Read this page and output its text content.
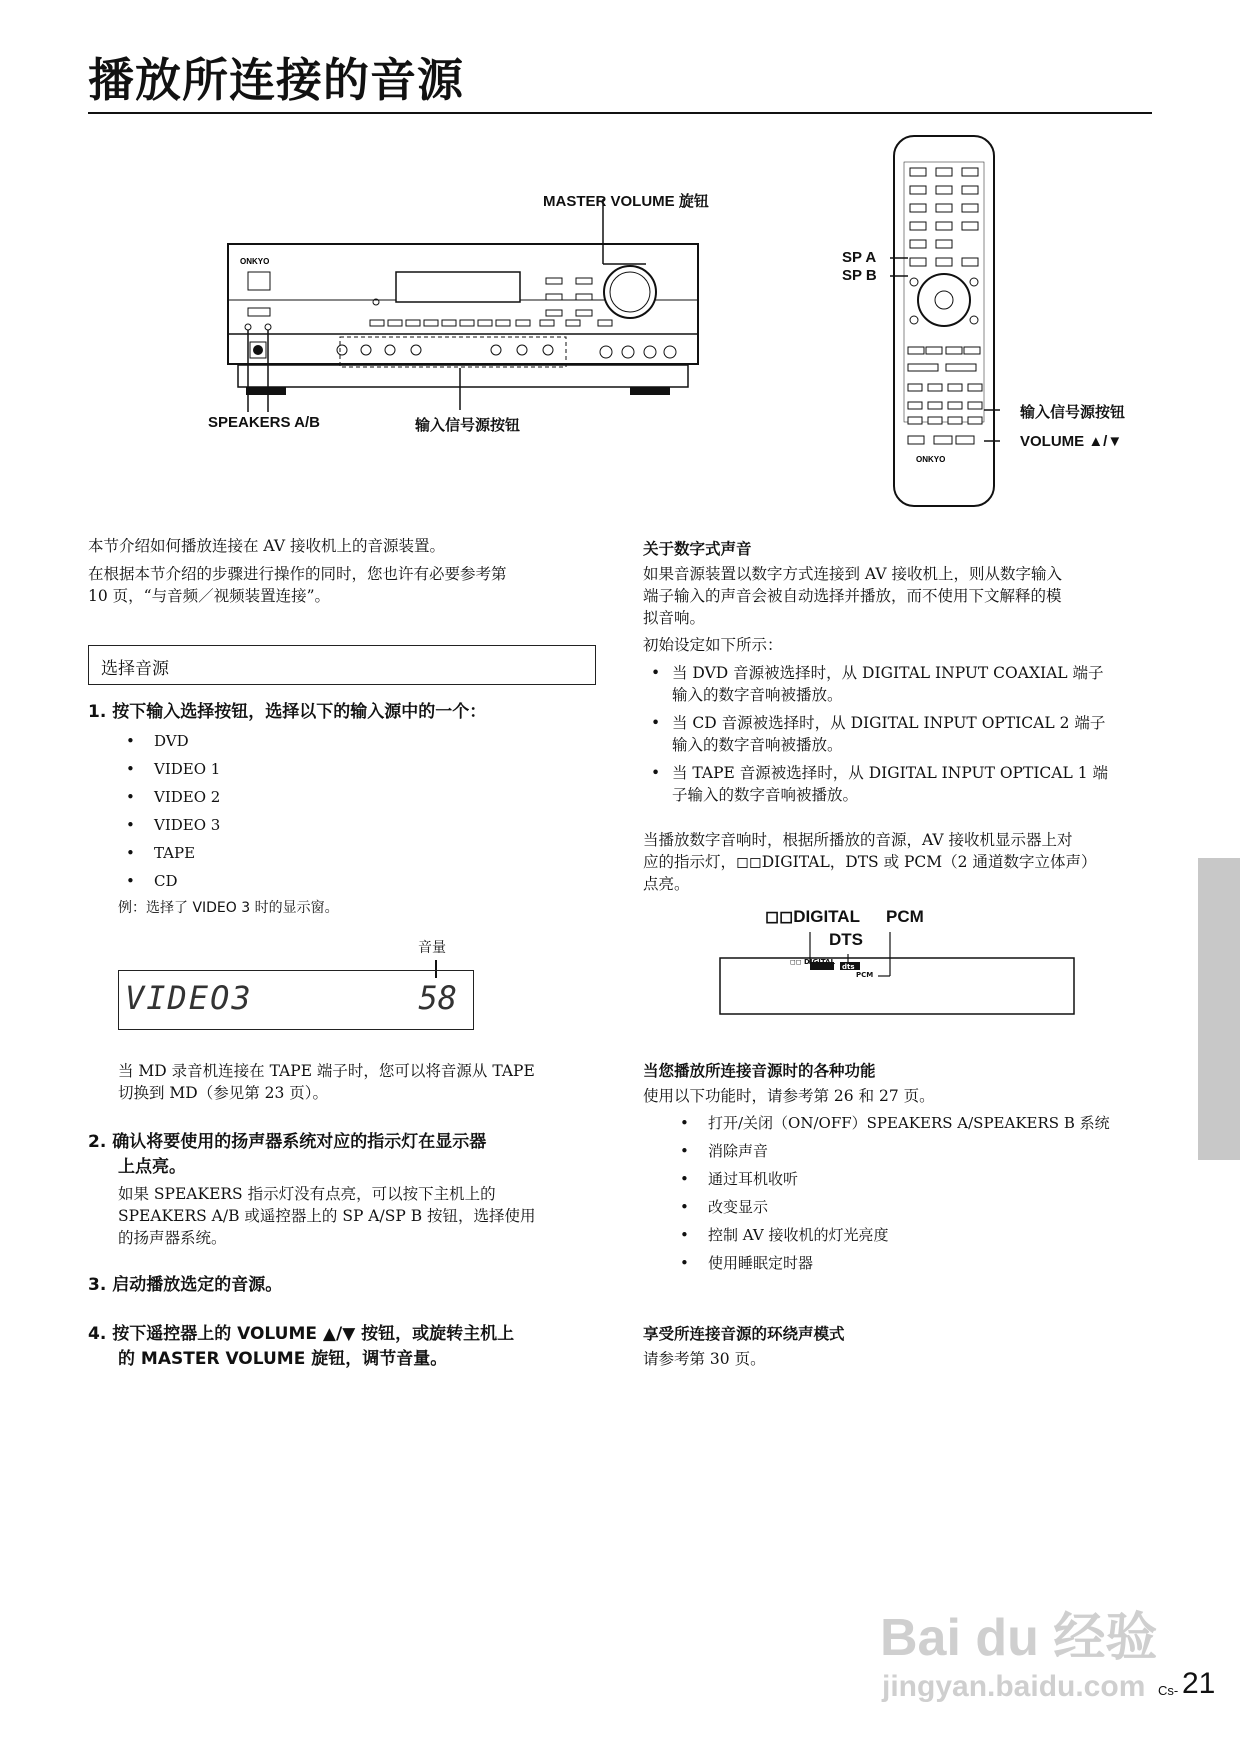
播放所连接的音源
ONKYO
MASTER VOLUME 旋钮
SPEAKERS A/B	输入信号源按钮
ONKYO
SP A
SP B
输入信号源按钮
VOLUME ▲/▼
本节介绍如何播放连接在 AV 接收机上的音源装置。
在根据本节介绍的步骤进行操作的同时，您也许有必要参考第
10 页，“与音频／视频装置连接”。
选择音源
1. 按下输入选择按钮，选择以下的输入源中的一个：
• DVD
• VIDEO 1
• VIDEO 2
• VIDEO 3
• TAPE
• CD
例：选择了 VIDEO 3 时的显示窗。
音量
VIDEO3	58
当 MD 录音机连接在 TAPE 端子时，您可以将音源从 TAPE
切换到 MD（参见第 23 页）。
2. 确认将要使用的扬声器系统对应的指示灯在显示器
上点亮。
如果 SPEAKERS 指示灯没有点亮，可以按下主机上的
SPEAKERS A/B 或遥控器上的 SP A/SP B 按钮，选择使用
的扬声器系统。
3. 启动播放选定的音源。
4. 按下遥控器上的 VOLUME ▲/▼ 按钮，或旋转主机上
的 MASTER VOLUME 旋钮，调节音量。
关于数字式声音
如果音源装置以数字方式连接到 AV 接收机上，则从数字输入
端子输入的声音会被自动选择并播放，而不使用下文解释的模
拟音响。
初始设定如下所示：
• 当 DVD 音源被选择时，从 DIGITAL INPUT COAXIAL 端子
输入的数字音响被播放。
• 当 CD 音源被选择时，从 DIGITAL INPUT OPTICAL 2 端子
输入的数字音响被播放。
• 当 TAPE 音源被选择时，从 DIGITAL INPUT OPTICAL 1 端
子输入的数字音响被播放。
当播放数字音响时，根据所播放的音源，AV 接收机显示器上对
应的指示灯，◻◻DIGITAL，DTS 或 PCM（2 通道数字立体声）
点亮。
◻◻DIGITAL PCM
DTS
◻◻ DIGITAL
dts
PCM
当您播放所连接音源时的各种功能
使用以下功能时，请参考第 26 和 27 页。
• 打开/关闭（ON/OFF）SPEAKERS A/SPEAKERS B 系统
• 消除声音
• 通过耳机收听
• 改变显示
• 控制 AV 接收机的灯光亮度
• 使用睡眠定时器
享受所连接音源的环绕声模式
请参考第 30 页。
Bai du 经验
jingyan.baidu.com Cs- 21
